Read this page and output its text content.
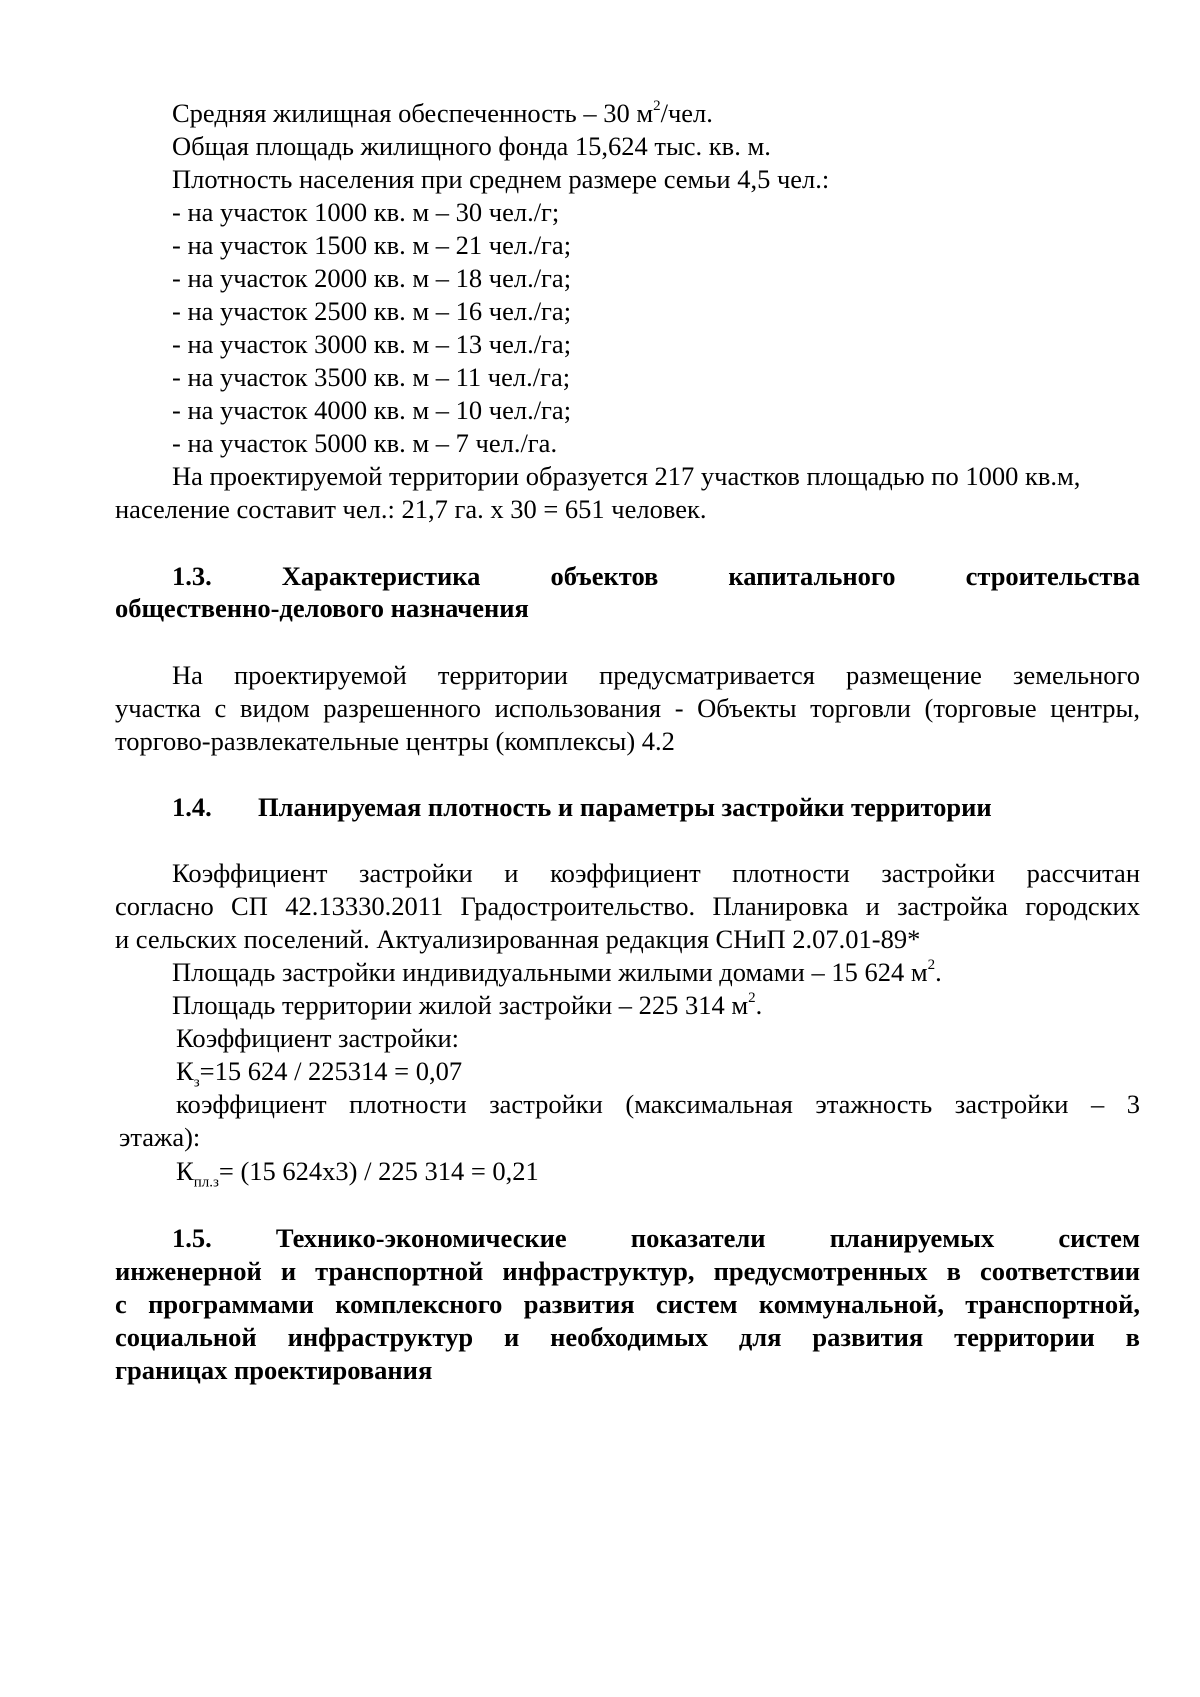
Средняя жилищная обеспеченность – 30 $м^2$/чел.
Общая площадь жилищного фонда 15,624 тыс. кв. м.
Плотность населения при среднем размере семьи 4,5 чел.:
- на участок 1000 кв. м – 30 чел./г;
- на участок 1500 кв. м – 21 чел./га;
- на участок 2000 кв. м – 18 чел./га;
- на участок 2500 кв. м – 16 чел./га;
- на участок 3000 кв. м – 13 чел./га;
- на участок 3500 кв. м – 11 чел./га;
- на участок 4000 кв. м – 10 чел./га;
- на участок 5000 кв. м – 7 чел./га.
На проектируемой территории образуется 217 участков площадью по 1000 кв.м,
население составит чел.: 21,7 га. х 30 = 651 человек.
1.3.	Характеристика	объектов	капитального	строительства
общественно-делового назначения
На проектируемой территории предусматривается размещение земельного
участка с видом разрешенного использования - Объекты торговли (торговые центры,
торгово-развлекательные центры (комплексы) 4.2
1.4. Планируемая плотность и параметры застройки территории
Коэффициент застройки и коэффициент плотности застройки рассчитан
согласно СП 42.13330.2011 Градостроительство. Планировка и застройка городских
и сельских поселений. Актуализированная редакция СНиП 2.07.01-89*
Площадь застройки индивидуальными жилыми домами – 15 624 $м^2$.
Площадь территории жилой застройки – 225 314 $м^2$.
Коэффициент застройки:
$К_з=15$ 624 / 225314 = 0,07
коэффициент плотности застройки (максимальная этажность застройки – 3
этажа):
$К_{пл.з}= (15$ 624х3) / 225 314 = 0,21
1.5. Технико-экономические показатели планируемых систем
инженерной и транспортной инфраструктур, предусмотренных в соответствии
с программами комплексного развития систем коммунальной, транспортной,
социальной инфраструктур и необходимых для развития территории в
границах проектирования
